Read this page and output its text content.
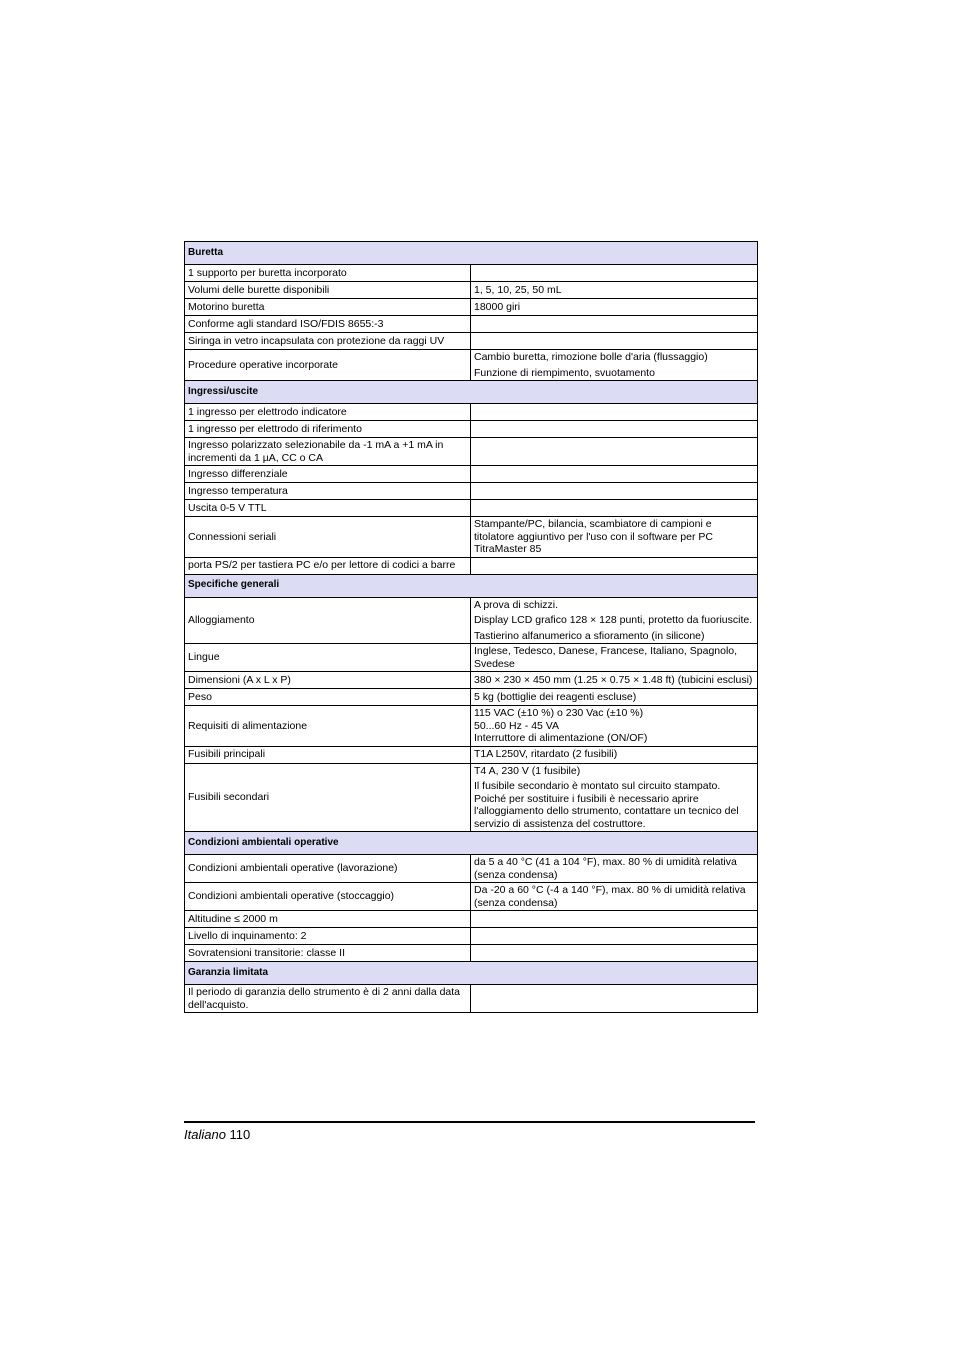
Buretta	
1 supporto per buretta incorporato	
Volumi delle burette disponibili	1, 5, 10, 25, 50 mL

Motorino buretta	18000 giri

Conforme agli standard ISO/FDIS 8655:-3	
Siringa in vetro incapsulata con protezione da raggi UV	
Procedure operative incorporate	Cambio buretta, rimozione bolle d'aria (flussaggio)
Funzione di riempimento, svuotamento

Ingressi/uscite	
1 ingresso per elettrodo indicatore	
1 ingresso per elettrodo di riferimento	
Ingresso polarizzato selezionabile da -1 mA a +1 mA in incrementi da 1 µA, CC o CA	
Ingresso differenziale	
Ingresso temperatura	
Uscita 0-5 V TTL	
Connessioni seriali	Stampante/PC, bilancia, scambiatore di campioni e titolatore aggiuntivo per l'uso con il software per PC TitraMaster 85

porta PS/2 per tastiera PC e/o per lettore di codici a barre	
Specifiche generali	
Alloggiamento	A prova di schizzi.
Display LCD grafico 128 × 128 punti, protetto da fuoriuscite.
Tastierino alfanumerico a sfioramento (in silicone)

Lingue	Inglese, Tedesco, Danese, Francese, Italiano, Spagnolo, Svedese

Dimensioni (A x L x P)	380 × 230 × 450 mm (1.25 × 0.75 × 1.48 ft) (tubicini esclusi)

Peso	5 kg (bottiglie dei reagenti escluse)

Requisiti di alimentazione	115 VAC (±10 %) o 230 Vac (±10 %)
50...60 Hz - 45 VA
Interruttore di alimentazione (ON/OF)

Fusibili principali	T1A L250V, ritardato (2 fusibili)

Fusibili secondari	T4 A, 230 V (1 fusibile)
Il fusibile secondario è montato sul circuito stampato. Poiché per sostituire i fusibili è necessario aprire l'alloggiamento dello strumento, contattare un tecnico del servizio di assistenza del costruttore.

Condizioni ambientali operative	
Condizioni ambientali operative (lavorazione)	da 5 a 40 °C (41 a 104 °F), max. 80 % di umidità relativa (senza condensa)

Condizioni ambientali operative (stoccaggio)	Da -20 a 60 °C (-4 a 140 °F), max. 80 % di umidità relativa (senza condensa)

Altitudine ≤ 2000 m	
Livello di inquinamento: 2	
Sovratensioni transitorie: classe II	
Garanzia limitata	
Il periodo di garanzia dello strumento è di 2 anni dalla data dell'acquisto.	
Italiano 110
